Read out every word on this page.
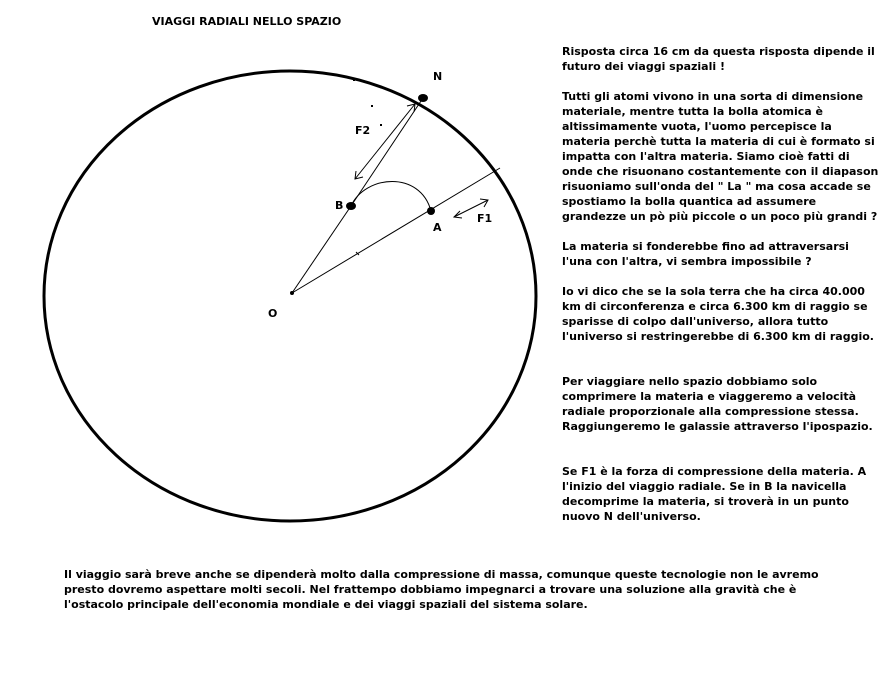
VIAGGI RADIALI NELLO SPAZIO
N
F2
B
A
F1
O

Risposta circa 16 cm da questa risposta dipende il futuro dei viaggi spaziali !

Tutti gli atomi vivono in una sorta di dimensione materiale, mentre tutta la bolla atomica è altissimamente vuota, l'uomo percepisce la materia perchè tutta la materia di cui è formato si impatta con l'altra materia. Siamo cioè fatti di onde che risuonano costantemente con il diapason risuoniamo sull'onda del " La " ma cosa accade se spostiamo la bolla quantica ad assumere grandezze un pò più piccole o un poco più grandi ?

La materia si fonderebbe fino ad attraversarsi l'una con l'altra, vi sembra impossibile ?

Io vi dico che se la sola terra che ha circa 40.000 km di circonferenza e circa 6.300 km di raggio se sparisse di colpo dall'universo, allora tutto l'universo si restringerebbe di 6.300 km di raggio.

Per viaggiare nello spazio dobbiamo solo comprimere la materia e viaggeremo a velocità radiale proporzionale alla compressione stessa. Raggiungeremo le galassie attraverso l'ipospazio.

Se F1 è la forza di compressione della materia. A l'inizio del viaggio radiale. Se in B la navicella decomprime la materia, si troverà in un punto nuovo N dell'universo.

Il viaggio sarà breve anche se dipenderà molto dalla compressione di massa, comunque queste tecnologie non le avremo presto dovremo aspettare molti secoli. Nel frattempo dobbiamo impegnarci a trovare una soluzione alla gravità che è l'ostacolo principale dell'economia mondiale e dei viaggi spaziali del sistema solare.
